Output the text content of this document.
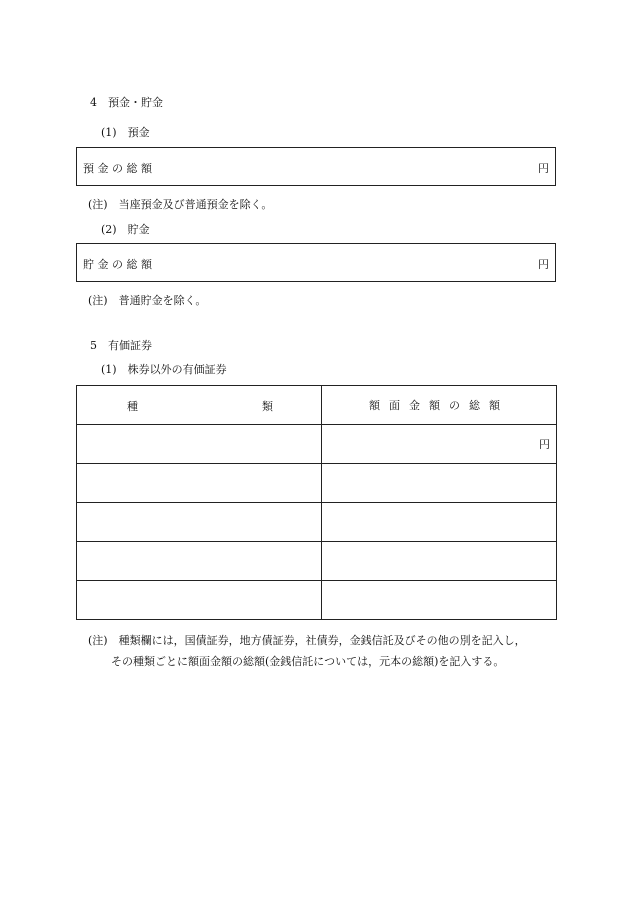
4　預金・貯金
(1)　預金
預 金 の 総 額	円
(注)　当座預金及び普通預金を除く。
(2)　貯金
貯 金 の 総 額	円
(注)　普通貯金を除く。
5　有価証券
(1)　株券以外の有価証券
種 類	額面金額の総額
	円

(注)　種類欄には，国債証券，地方債証券，社債券，金銭信託及びその他の別を記入し，
その種類ごとに額面金額の総額(金銭信託については，元本の総額)を記入する。
